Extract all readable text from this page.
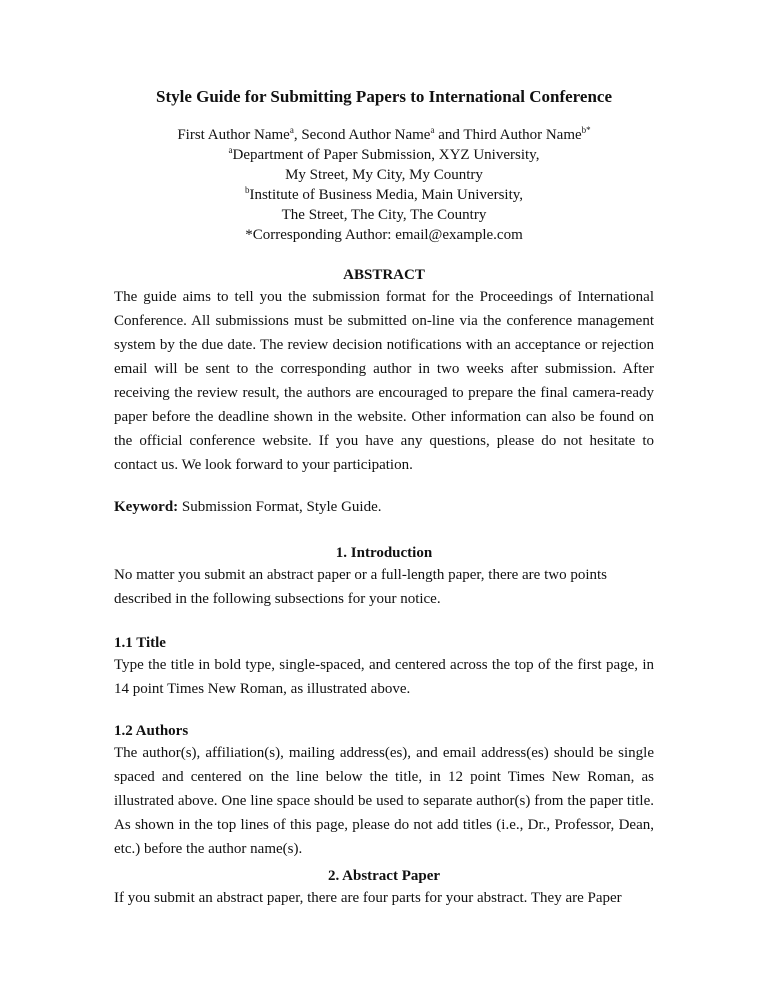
Style Guide for Submitting Papers to International Conference
First Author Name$^a$, Second Author Name$^a$ and Third Author Name$^{b*}$
$^a$Department of Paper Submission, XYZ University,
My Street, My City, My Country
$^b$Institute of Business Media, Main University,
The Street, The City, The Country
*Corresponding Author: email@example.com
ABSTRACT

The guide aims to tell you the submission format for the Proceedings of International Conference. All submissions must be submitted on-line via the conference management system by the due date. The review decision notifications with an acceptance or rejection email will be sent to the corresponding author in two weeks after submission. After receiving the review result, the authors are encouraged to prepare the final camera-ready paper before the deadline shown in the website. Other information can also be found on the official conference website. If you have any questions, please do not hesitate to contact us. We look forward to your participation.

Keyword: Submission Format, Style Guide.

1. Introduction

No matter you submit an abstract paper or a full-length paper, there are two points described in the following subsections for your notice.

1.1 Title

Type the title in bold type, single-spaced, and centered across the top of the first page, in 14 point Times New Roman, as illustrated above.

1.2 Authors

The author(s), affiliation(s), mailing address(es), and email address(es) should be single spaced and centered on the line below the title, in 12 point Times New Roman, as illustrated above. One line space should be used to separate author(s) from the paper title. As shown in the top lines of this page, please do not add titles (i.e., Dr., Professor, Dean, etc.) before the author name(s).

2. Abstract Paper

If you submit an abstract paper, there are four parts for your abstract. They are Paper
